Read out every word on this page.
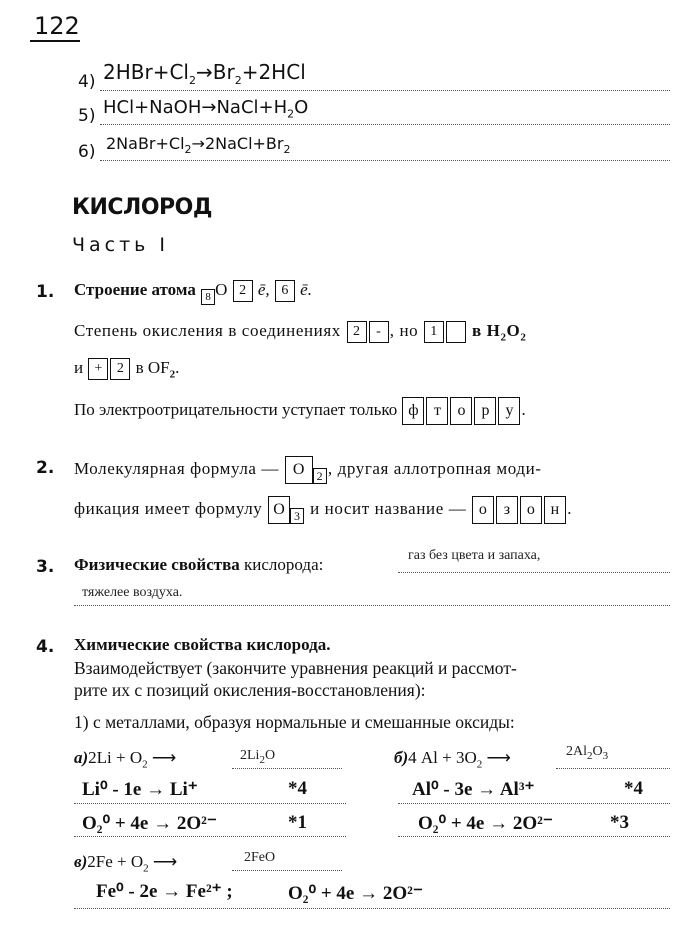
122
4) $2HBr+Cl_2\to Br_2+2HCl$
5) $HCl+NaOH\to NaCl+H_2O$
6) $2NaBr+Cl_2\to 2NaCl+Br_2$
КИСЛОРОД
Часть I
1. Строение атома 8 O 2 ē, 6 ē.
Степень окисления в соединениях 2 - , но 1 в $H_2O_2$
и + 2 в $OF_2$.
По электроотрицательности уступает только ф т о р у .
2. Молекулярная формула — O 2 , другая аллотропная моди-
фикация имеет формулу O 3 и носит название — о з о н .
3. Физические свойства кислорода:	газ без цвета и запаха,
тяжелее воздуха.
4. Химические свойства кислорода.
Взаимодействует (закончите уравнения реакций и рассмот-
рите их с позиций окисления-восстановления):
1) с металлами, образуя нормальные и смешанные оксиды:
$а)2Li + O_2$ ⟶	$2Li_2O$
Li⁰ - 1e → Li⁺	*4
O₂⁰ + 4e → 2O²⁻	*1
б)4 $Al + 3O_2$ ⟶	$2Al_2O_3$
Al⁰ - 3e → Al³⁺	*4
O₂⁰ + 4e → 2O²⁻	*3
$в)2Fe + O_2$ ⟶	2FeO
Fe⁰ - 2e → Fe²⁺ ;	O₂⁰ + 4e → 2O²⁻
